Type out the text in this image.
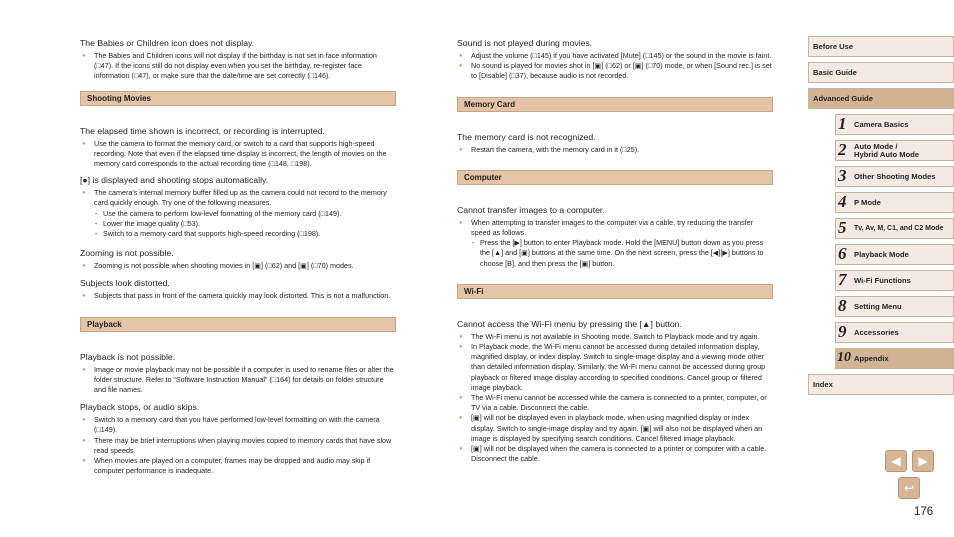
The Babies or Children icon does not display.

● The Babies and Children icons will not display if the birthday is not set in face information (□47). If the icons still do not display even when you set the birthday, re-register face information (□47), or make sure that the date/time are set correctly (□146).

Shooting Movies

The elapsed time shown is incorrect, or recording is interrupted.

● Use the camera to format the memory card, or switch to a card that supports high-speed recording. Note that even if the elapsed time display is incorrect, the length of movies on the memory card corresponds to the actual recording time (□148, □198).

[●] is displayed and shooting stops automatically.

● The camera's internal memory buffer filled up as the camera could not record to the memory card quickly enough. Try one of the following measures.

- Use the camera to perform low-level formatting of the memory card (□149).

- Lower the image quality (□53).

- Switch to a memory card that supports high-speed recording (□198).

Zooming is not possible.

● Zooming is not possible when shooting movies in [▣] (□62) and [▣] (□70) modes.

Subjects look distorted.

● Subjects that pass in front of the camera quickly may look distorted. This is not a malfunction.

Playback

Playback is not possible.

● Image or movie playback may not be possible if a computer is used to rename files or alter the folder structure. Refer to “Software Instruction Manual” (□164) for details on folder structure and file names.

Playback stops, or audio skips.

● Switch to a memory card that you have performed low-level formatting on with the camera (□149).

● There may be brief interruptions when playing movies copied to memory cards that have slow read speeds.

● When movies are played on a computer, frames may be dropped and audio may skip if computer performance is inadequate.

Sound is not played during movies.

● Adjust the volume (□145) if you have activated [Mute] (□145) or the sound in the movie is faint.

● No sound is played for movies shot in [▣] (□62) or [▣] (□70) mode, or when [Sound rec.] is set to [Disable] (□37), because audio is not recorded.

Memory Card

The memory card is not recognized.

● Restart the camera, with the memory card in it (□25).

Computer

Cannot transfer images to a computer.

● When attempting to transfer images to the computer via a cable, try reducing the transfer speed as follows.

- Press the [▶] button to enter Playback mode. Hold the [MENU] button down as you press the [▲] and [▣] buttons at the same time. On the next screen, press the [◀][▶] buttons to choose [B], and then press the [▣] button.

Wi-Fi

Cannot access the Wi-Fi menu by pressing the [▲] button.

● The Wi-Fi menu is not available in Shooting mode. Switch to Playback mode and try again.

● In Playback mode, the Wi-Fi menu cannot be accessed during detailed information display, magnified display, or index display. Switch to single-image display and a viewing mode other than detailed information display. Similarly, the Wi-Fi menu cannot be accessed during group playback or filtered image display according to specified conditions. Cancel group or filtered image playback.

● The Wi-Fi menu cannot be accessed while the camera is connected to a printer, computer, or TV via a cable. Disconnect the cable.

● [▣] will not be displayed even in playback mode, when using magnified display or index display. Switch to single-image display and try again. [▣] will also not be displayed when an image is displayed by specifying search conditions. Cancel filtered image playback.

● [▣] will not be displayed when the camera is connected to a printer or computer with a cable. Disconnect the cable.

Before Use
Basic Guide
Advanced Guide
1 Camera Basics
2 Auto Mode /
Hybrid Auto Mode
3 Other Shooting Modes
4 P Mode
5 Tv, Av, M, C1, and C2 Mode
6 Playback Mode
7 Wi-Fi Functions
8 Setting Menu
9 Accessories
10 Appendix
Index
◀	▶
↩
176
